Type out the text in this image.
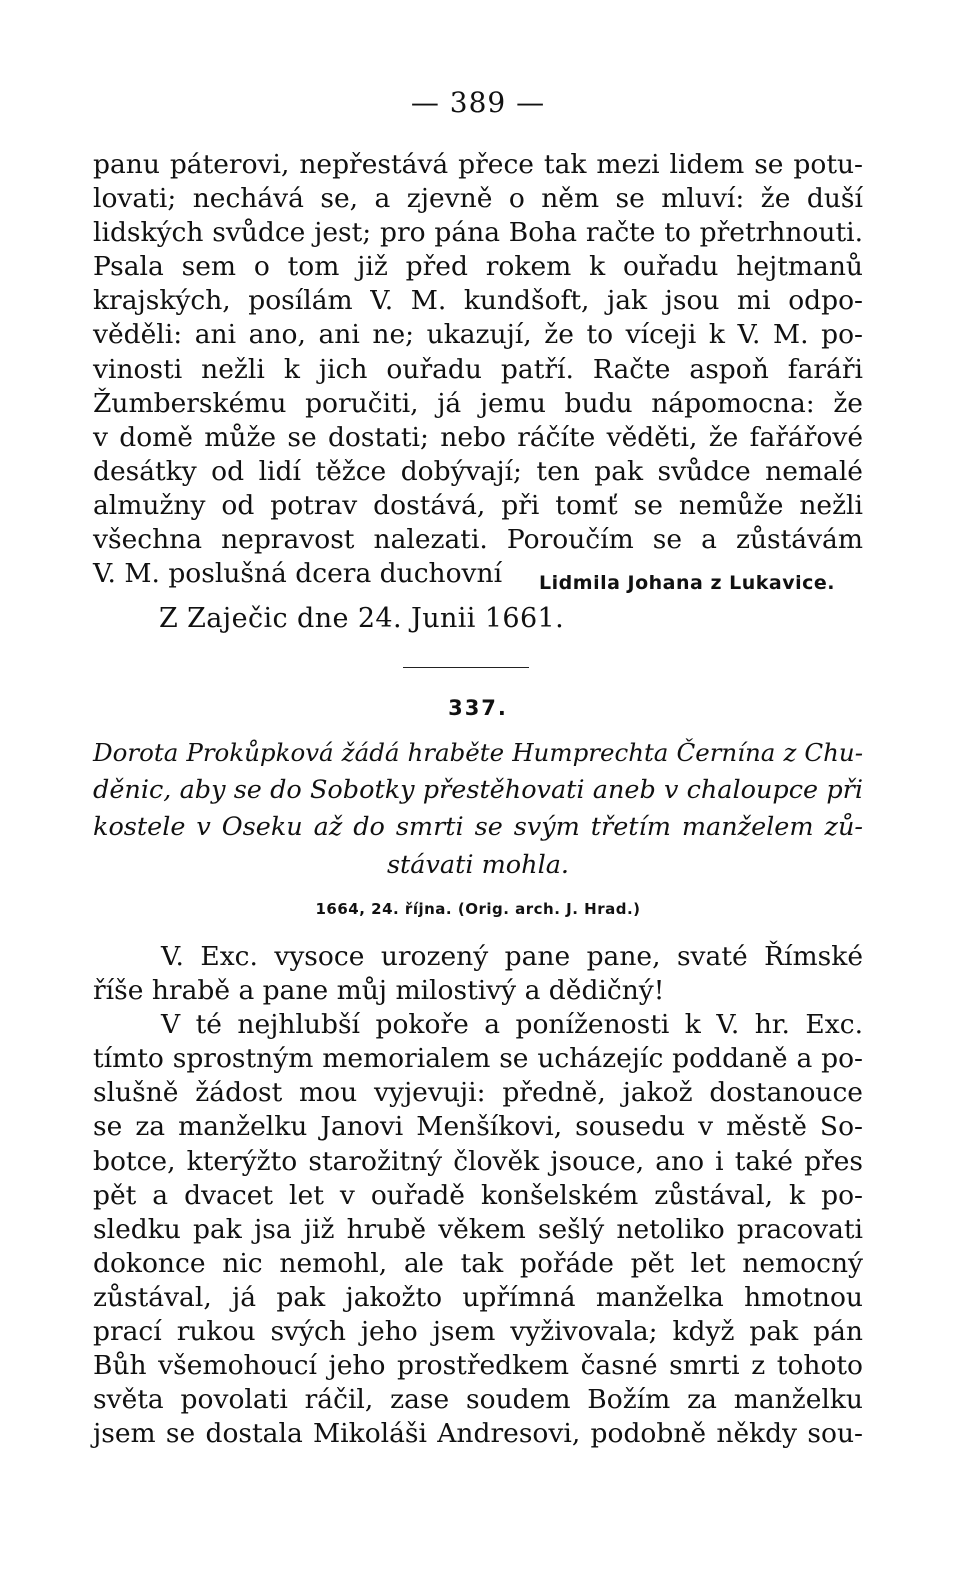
— 389 —
panu páterovi, nepřestává přece tak mezi lidem se potu-
lovati; nechává se, a zjevně o něm se mluví: že duší
lidských svůdce jest; pro pána Boha račte to přetrhnouti.
Psala sem o tom již před rokem k ouřadu hejtmanů
krajských, posílám V. M. kundšoft, jak jsou mi odpo-
věděli: ani ano, ani ne; ukazují, že to víceji k V. M. po-
vinosti nežli k jich ouřadu patří. Račte aspoň faráři
Žumberskému poručiti, já jemu budu nápomocna: že
v domě může se dostati; nebo ráčíte věděti, že fařářové
desátky od lidí těžce dobývají; ten pak svůdce nemalé
almužny od potrav dostává, při tomť se nemůže nežli
všechna nepravost nalezati. Poroučím se a zůstávám
V. M. poslušná dcera duchovní	Lidmila Johana z Lukavice.
Z Zaječic dne 24. Junii 1661.
337.
Dorota Prokůpková žádá hraběte Humprechta Černína z Chu-
děnic, aby se do Sobotky přestěhovati aneb v chaloupce při
kostele v Oseku až do smrti se svým třetím manželem zů-
stávati mohla.
1664, 24. října. (Orig. arch. J. Hrad.)
V. Exc. vysoce urozený pane pane, svaté Římské
říše hrabě a pane můj milostivý a dědičný!
V té nejhlubší pokoře a poníženosti k V. hr. Exc.
tímto sprostným memorialem se ucházejíc poddaně a po-
slušně žádost mou vyjevuji: předně, jakož dostanouce
se za manželku Janovi Menšíkovi, sousedu v městě So-
botce, kterýžto starožitný člověk jsouce, ano i také přes
pět a dvacet let v ouřadě konšelském zůstával, k po-
sledku pak jsa již hrubě věkem sešlý netoliko pracovati
dokonce nic nemohl, ale tak pořáde pět let nemocný
zůstával, já pak jakožto upřímná manželka hmotnou
prací rukou svých jeho jsem vyživovala; když pak pán
Bůh všemohoucí jeho prostředkem časné smrti z tohoto
světa povolati ráčil, zase soudem Božím za manželku
jsem se dostala Mikoláši Andresovi, podobně někdy sou-
